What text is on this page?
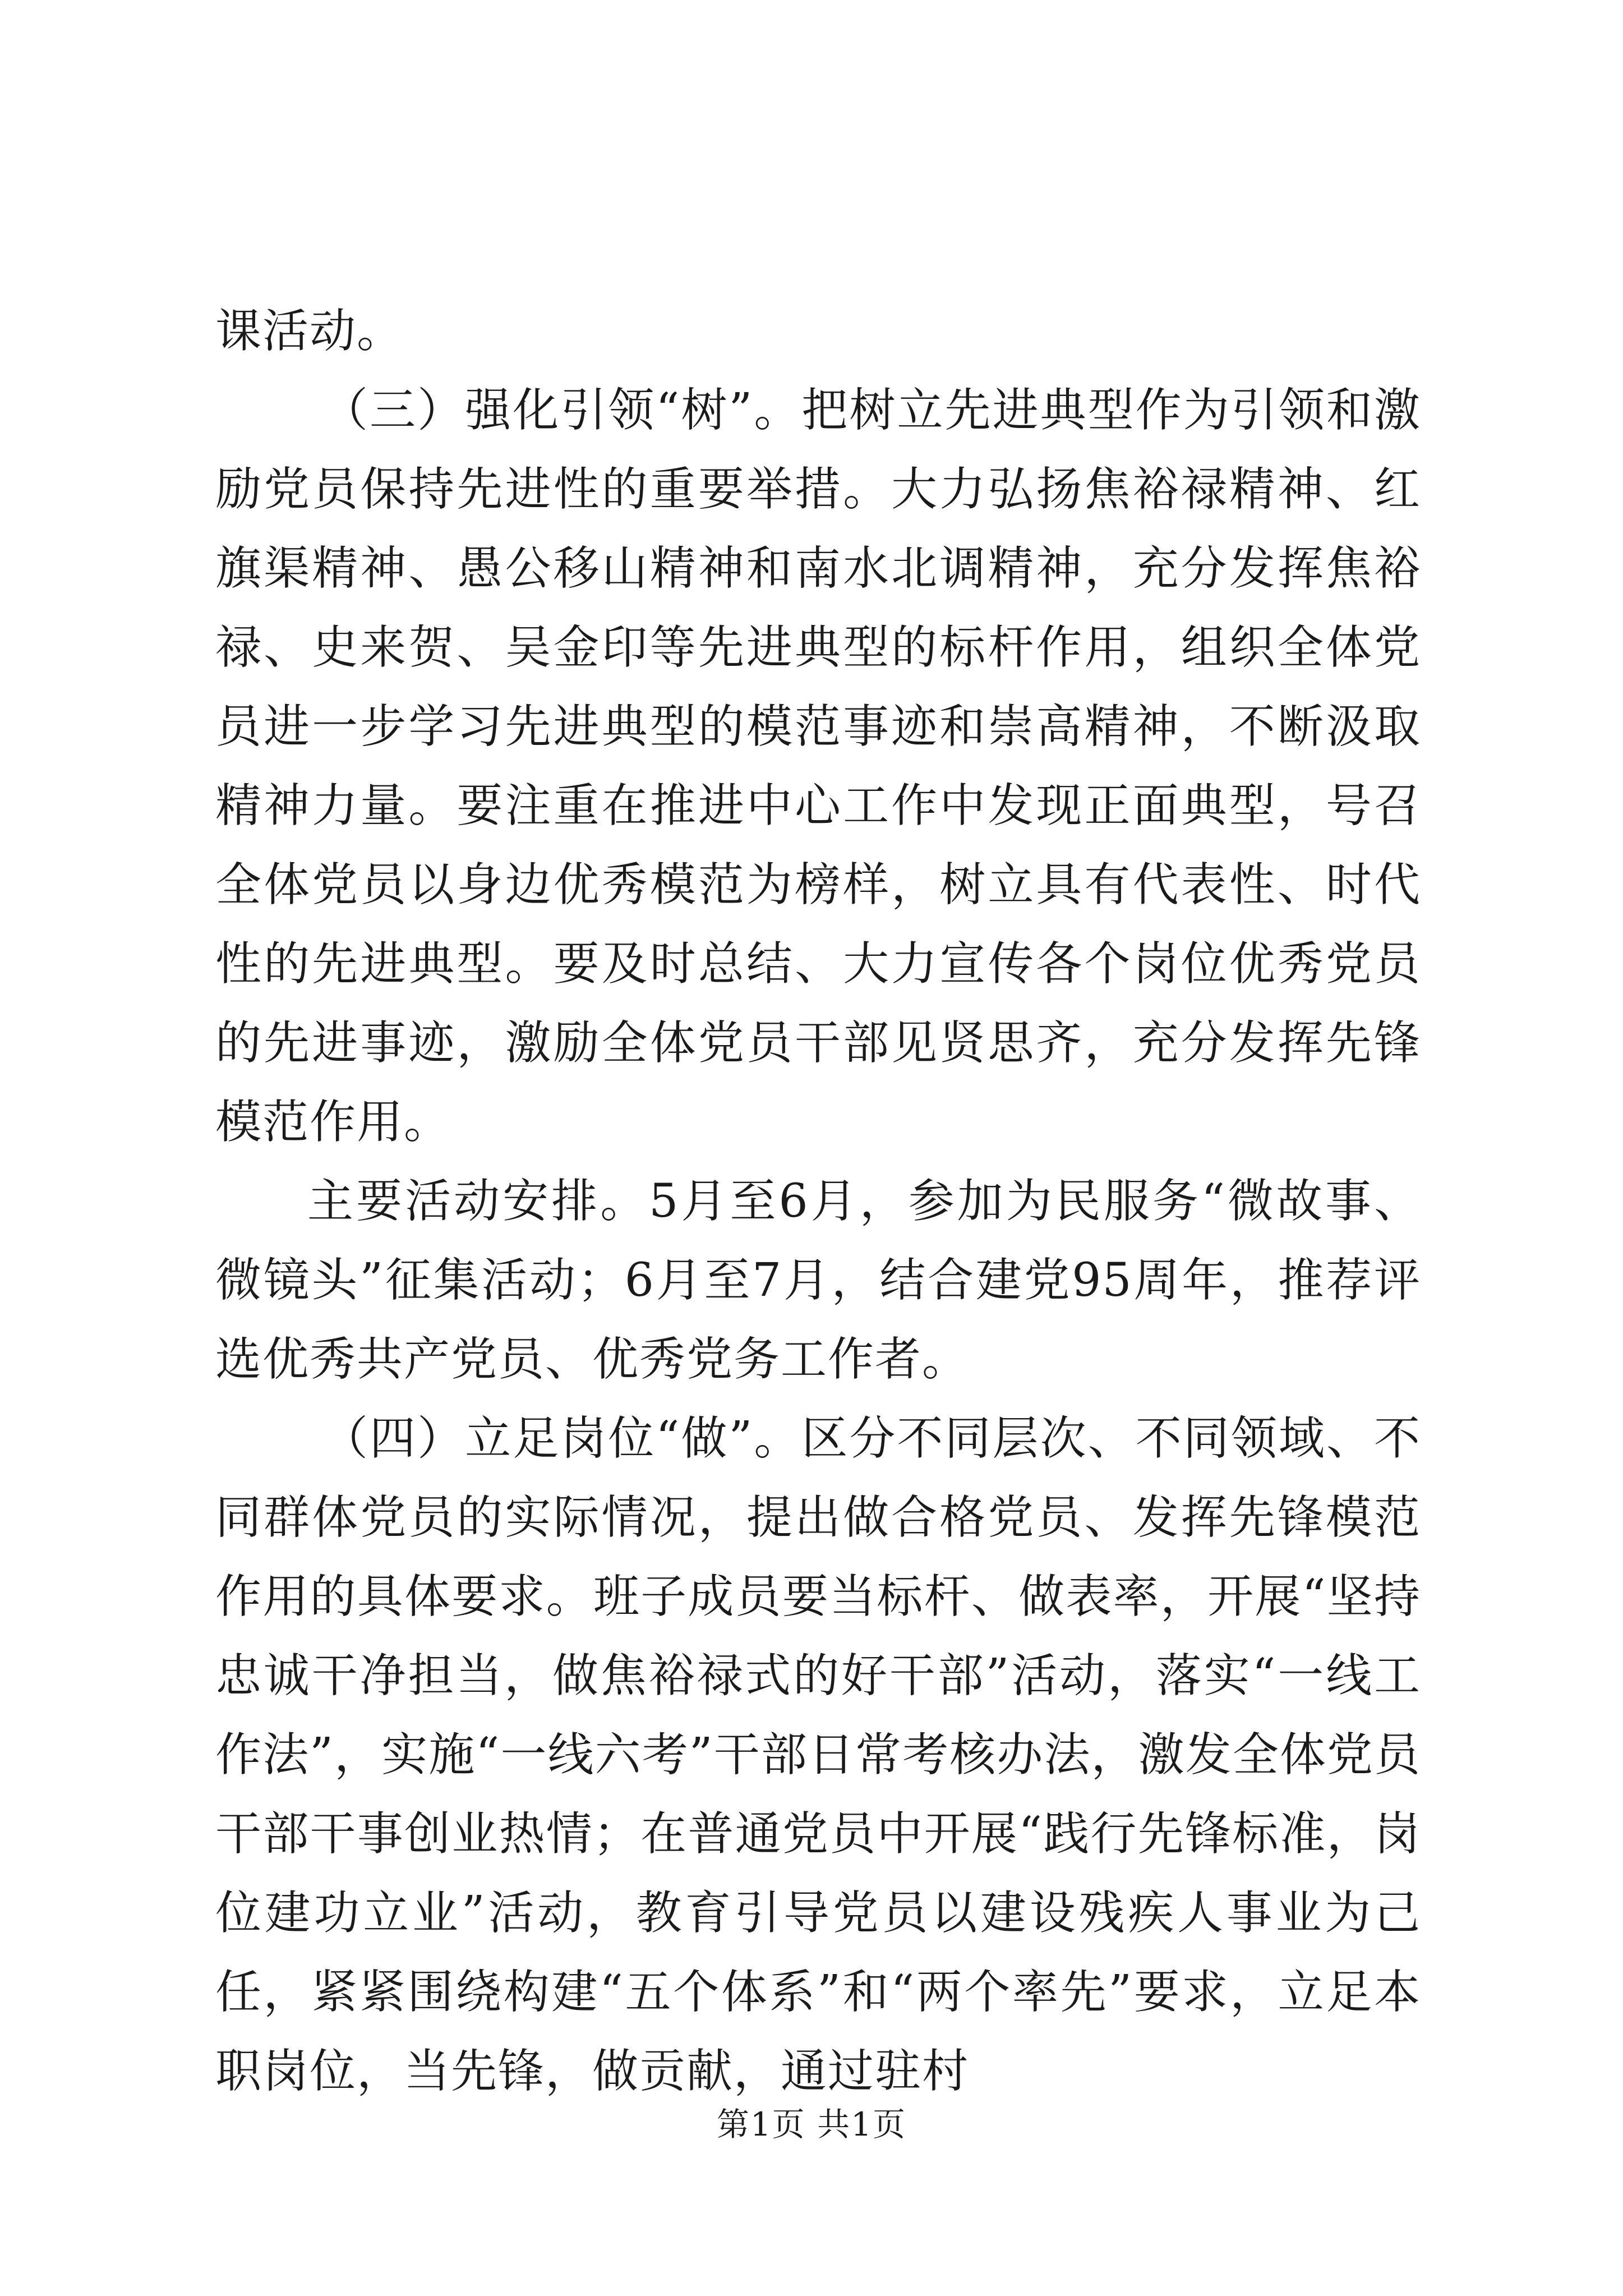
课活动。

（三）强化引领“树”。把树立先进典型作为引领和激励党员保持先进性的重要举措。大力弘扬焦裕禄精神、红旗渠精神、愚公移山精神和南水北调精神，充分发挥焦裕禄、史来贺、吴金印等先进典型的标杆作用，组织全体党员进一步学习先进典型的模范事迹和崇高精神，不断汲取精神力量。要注重在推进中心工作中发现正面典型，号召全体党员以身边优秀模范为榜样，树立具有代表性、时代性的先进典型。要及时总结、大力宣传各个岗位优秀党员的先进事迹，激励全体党员干部见贤思齐，充分发挥先锋模范作用。

主要活动安排。5月至6月，参加为民服务“微故事、微镜头”征集活动；6月至7月，结合建党95周年，推荐评选优秀共产党员、优秀党务工作者。

（四）立足岗位“做”。区分不同层次、不同领域、不同群体党员的实际情况，提出做合格党员、发挥先锋模范作用的具体要求。班子成员要当标杆、做表率，开展“坚持忠诚干净担当，做焦裕禄式的好干部”活动，落实“一线工作法”，实施“一线六考”干部日常考核办法，激发全体党员干部干事创业热情；在普通党员中开展“践行先锋标准，岗位建功立业”活动，教育引导党员以建设残疾人事业为己任，紧紧围绕构建“五个体系”和“两个率先”要求，立足本职岗位，当先锋，做贡献，通过驻村

第1页 共1页
